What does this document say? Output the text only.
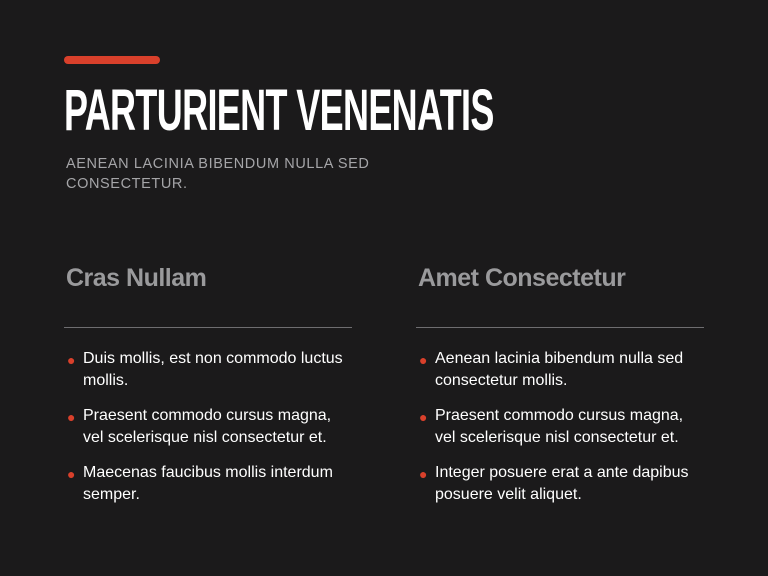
PARTURIENT VENENATIS

AENEAN LACINIA BIBENDUM NULLA SED CONSECTETUR.

Cras Nullam
● Duis mollis, est non commodo luctus mollis.
● Praesent commodo cursus magna, vel scelerisque nisl consectetur et.
● Maecenas faucibus mollis interdum semper.
Amet Consectetur
● Aenean lacinia bibendum nulla sed consectetur mollis.
● Praesent commodo cursus magna, vel scelerisque nisl consectetur et.
● Integer posuere erat a ante dapibus posuere velit aliquet.
